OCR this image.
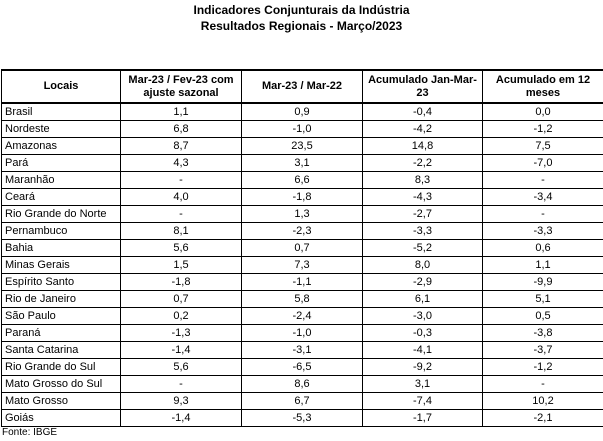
Indicadores Conjunturais da Indústria
Resultados Regionais - Março/2023
Locais	Mar-23 / Fev-23 com ajuste sazonal	Mar-23 / Mar-22	Acumulado Jan-Mar-23	Acumulado em 12 meses
Brasil	1,1	0,9	-0,4	0,0
Nordeste	6,8	-1,0	-4,2	-1,2
Amazonas	8,7	23,5	14,8	7,5
Pará	4,3	3,1	-2,2	-7,0
Maranhão	-	6,6	8,3	-
Ceará	4,0	-1,8	-4,3	-3,4
Rio Grande do Norte	-	1,3	-2,7	-
Pernambuco	8,1	-2,3	-3,3	-3,3
Bahia	5,6	0,7	-5,2	0,6
Minas Gerais	1,5	7,3	8,0	1,1
Espírito Santo	-1,8	-1,1	-2,9	-9,9
Rio de Janeiro	0,7	5,8	6,1	5,1
São Paulo	0,2	-2,4	-3,0	0,5
Paraná	-1,3	-1,0	-0,3	-3,8
Santa Catarina	-1,4	-3,1	-4,1	-3,7
Rio Grande do Sul	5,6	-6,5	-9,2	-1,2
Mato Grosso do Sul	-	8,6	3,1	-
Mato Grosso	9,3	6,7	-7,4	10,2
Goiás	-1,4	-5,3	-1,7	-2,1
Fonte: IBGE
